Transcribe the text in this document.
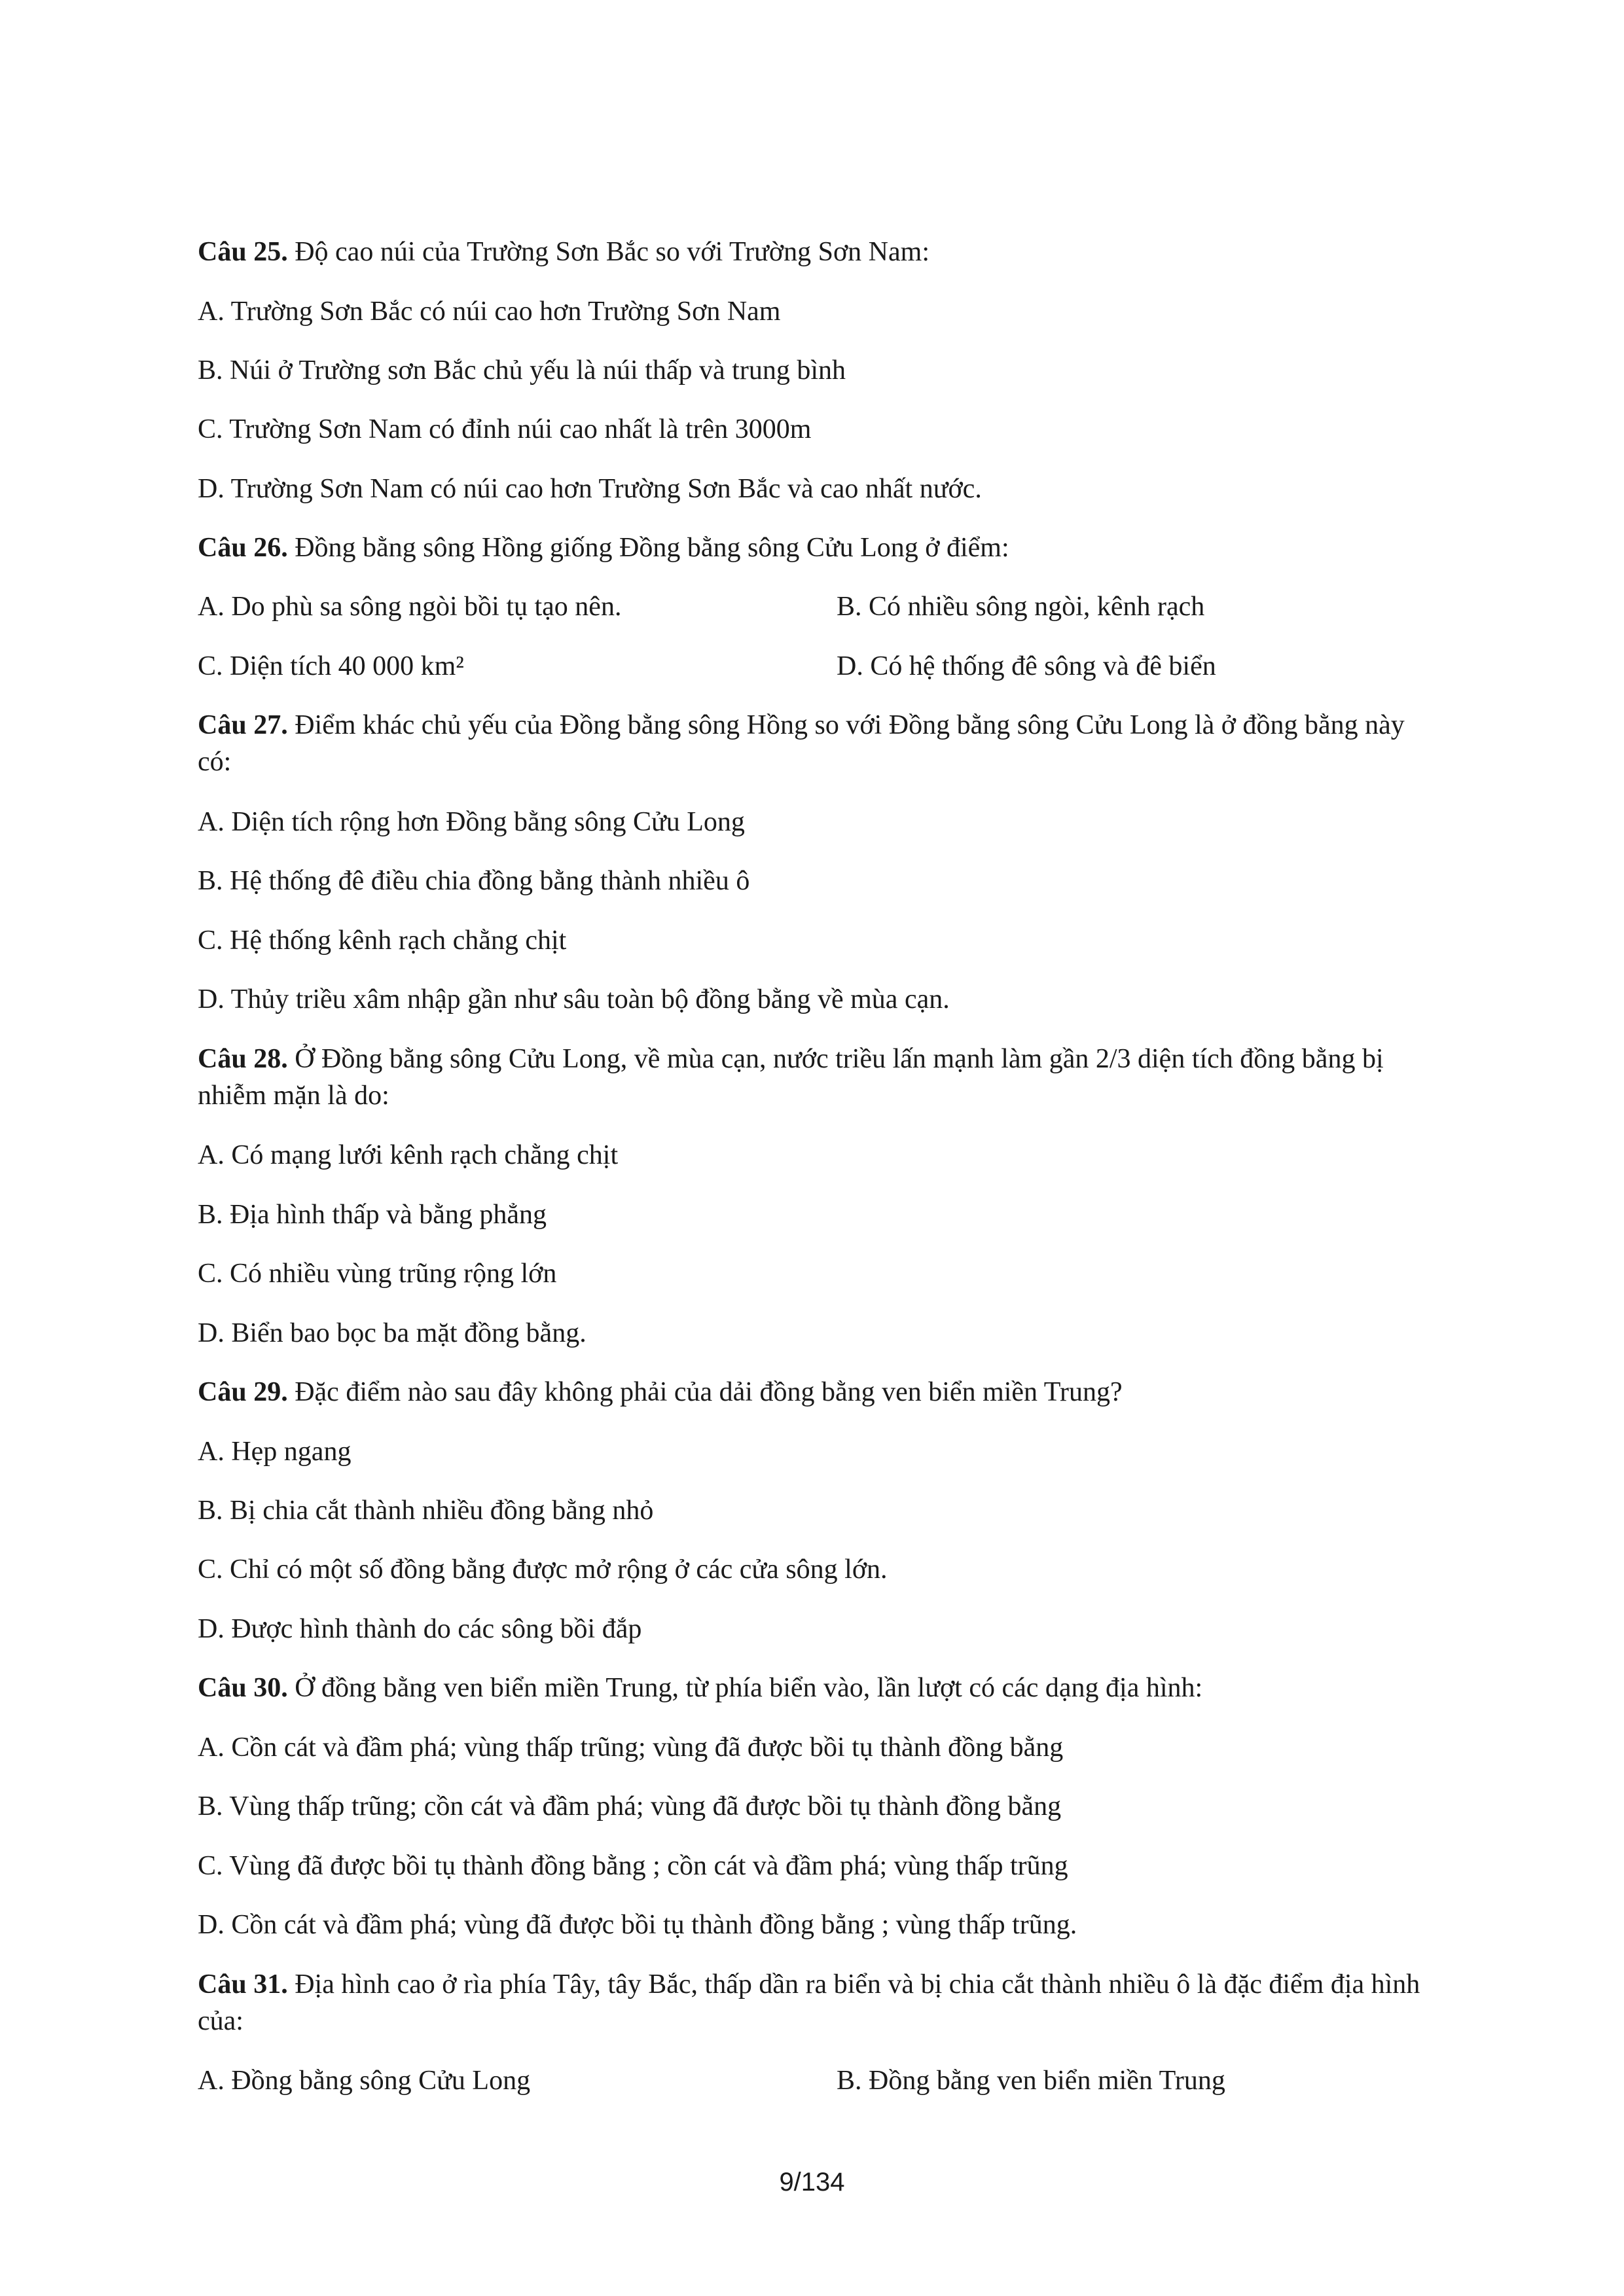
Câu 25. Độ cao núi của Trường Sơn Bắc so với Trường Sơn Nam:

A. Trường Sơn Bắc có núi cao hơn Trường Sơn Nam

B. Núi ở Trường sơn Bắc chủ yếu là núi thấp và trung bình

C. Trường Sơn Nam có đỉnh núi cao nhất là trên 3000m

D. Trường Sơn Nam có núi cao hơn Trường Sơn Bắc và cao nhất nước.

Câu 26. Đồng bằng sông Hồng giống Đồng bằng sông Cửu Long ở điểm:

A. Do phù sa sông ngòi bồi tụ tạo nên.	B. Có nhiều sông ngòi, kênh rạch

C. Diện tích 40 000 km²	D. Có hệ thống đê sông và đê biển

Câu 27. Điểm khác chủ yếu của Đồng bằng sông Hồng so với Đồng bằng sông Cửu Long là ở đồng bằng này có:

A. Diện tích rộng hơn Đồng bằng sông Cửu Long

B. Hệ thống đê điều chia đồng bằng thành nhiều ô

C. Hệ thống kênh rạch chằng chịt

D. Thủy triều xâm nhập gần như sâu toàn bộ đồng bằng về mùa cạn.

Câu 28. Ở Đồng bằng sông Cửu Long, về mùa cạn, nước triều lấn mạnh làm gần 2/3 diện tích đồng bằng bị nhiễm mặn là do:

A. Có mạng lưới kênh rạch chằng chịt

B. Địa hình thấp và bằng phẳng

C. Có nhiều vùng trũng rộng lớn

D. Biển bao bọc ba mặt đồng bằng.

Câu 29. Đặc điểm nào sau đây không phải của dải đồng bằng ven biển miền Trung?

A. Hẹp ngang

B. Bị chia cắt thành nhiều đồng bằng nhỏ

C. Chỉ có một số đồng bằng được mở rộng ở các cửa sông lớn.

D. Được hình thành do các sông bồi đắp

Câu 30. Ở đồng bằng ven biển miền Trung, từ phía biển vào, lần lượt có các dạng địa hình:

A. Cồn cát và đầm phá; vùng thấp trũng; vùng đã được bồi tụ thành đồng bằng

B. Vùng thấp trũng; cồn cát và đầm phá; vùng đã được bồi tụ thành đồng bằng

C. Vùng đã được bồi tụ thành đồng bằng ; cồn cát và đầm phá; vùng thấp trũng

D. Cồn cát và đầm phá; vùng đã được bồi tụ thành đồng bằng ; vùng thấp trũng.

Câu 31. Địa hình cao ở rìa phía Tây, tây Bắc, thấp dần ra biển và bị chia cắt thành nhiều ô là đặc điểm địa hình của:

A. Đồng bằng sông Cửu Long	B. Đồng bằng ven biển miền Trung

9/134
